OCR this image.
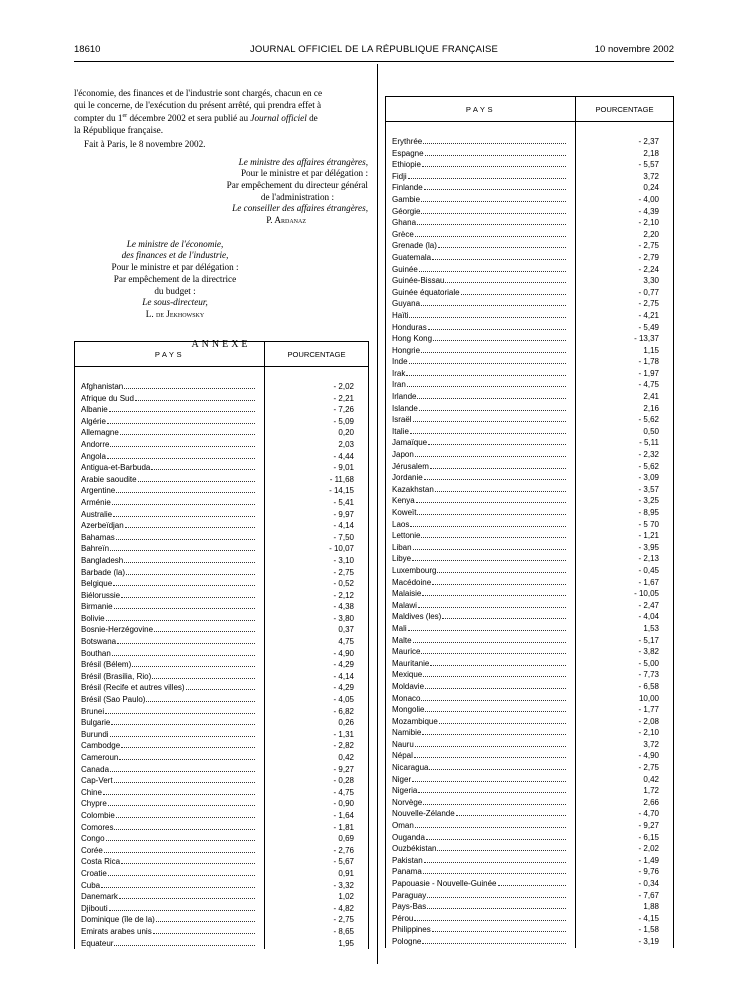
18610	JOURNAL OFFICIEL DE LA RÉPUBLIQUE FRANÇAISE	10 novembre 2002
l'économie, des finances et de l'industrie sont chargés, chacun en ce
qui le concerne, de l'exécution du présent arrêté, qui prendra effet à
compter du 1er décembre 2002 et sera publié au Journal officiel de
la République française.
Fait à Paris, le 8 novembre 2002.
Le ministre des affaires étrangères,
Pour le ministre et par délégation :
Par empêchement du directeur général
de l'administration :
Le conseiller des affaires étrangères,
P. Ardanaz
Le ministre de l'économie,
des finances et de l'industrie,
Pour le ministre et par délégation :
Par empêchement de la directrice
du budget :
Le sous-directeur,
L. de Jekhowsky
ANNEXE
PAYS	POURCENTAGE

Afghanistan	- 2,02

Afrique du Sud	- 2,21

Albanie	- 7,26

Algérie	- 5,09

Allemagne	0,20

Andorre	2,03

Angola	- 4,44

Antigua-et-Barbuda	- 9,01

Arabie saoudite	- 11,68

Argentine	- 14,15

Arménie	- 5,41

Australie	- 9,97

Azerbeïdjan	- 4,14

Bahamas	- 7,50

Bahreïn	- 10,07

Bangladesh	- 3,10

Barbade (la)	- 2,75

Belgique	- 0,52

Biélorussie	- 2,12

Birmanie	- 4,38

Bolivie	- 3,80

Bosnie-Herzégovine	0,37

Botswana	4,75

Bouthan	- 4,90

Brésil (Bélem)	- 4,29

Brésil (Brasilia, Rio)	- 4,14

Brésil (Recife et autres villes)	- 4,29

Brésil (Sao Paulo)	- 4,05

Brunei	- 6,82

Bulgarie	0,26

Burundi	- 1,31

Cambodge	- 2,82

Cameroun	0,42

Canada	- 9,27

Cap-Vert	- 0,28

Chine	- 4,75

Chypre	- 0,90

Colombie	- 1,64

Comores	- 1,81

Congo	0,69

Corée	- 2,76

Costa Rica	- 5,67

Croatie	0,91

Cuba	- 3,32

Danemark	1,02

Djibouti	- 4,82

Dominique (île de la)	- 2,75

Emirats arabes unis	- 8,65

Equateur	1,95
PAYS	POURCENTAGE

Erythrée	- 2,37

Espagne	2,18

Ethiopie	- 5,57

Fidji	3,72

Finlande	0,24

Gambie	- 4,00

Géorgie	- 4,39

Ghana	- 2,10

Grèce	2,20

Grenade (la)	- 2,75

Guatemala	- 2,79

Guinée	- 2,24

Guinée-Bissau	3,30

Guinée équatoriale	- 0,77

Guyana	- 2,75

Haïti	- 4,21

Honduras	- 5,49

Hong Kong	- 13,37

Hongrie	1,15

Inde	- 1,78

Irak	- 1,97

Iran	- 4,75

Irlande	2,41

Islande	2,16

Israël	- 5,62

Italie	0,50

Jamaïque	- 5,11

Japon	- 2,32

Jérusalem	- 5,62

Jordanie	- 3,09

Kazakhstan	- 3,57

Kenya	- 3,25

Koweït	- 8,95

Laos	- 5 70

Lettonie	- 1,21

Liban	- 3,95

Libye	- 2,13

Luxembourg	- 0,45

Macédoine	- 1,67

Malaisie	- 10,05

Malawi	- 2,47

Maldives (les)	- 4,04

Mali	1,53

Malte	- 5,17

Maurice	- 3,82

Mauritanie	- 5,00

Mexique	- 7,73

Moldavie	- 6,58

Monaco	10,00

Mongolie	- 1,77

Mozambique	- 2,08

Namibie	- 2,10

Nauru	3,72

Népal	- 4,90

Nicaragua	- 2,75

Niger	0,42

Nigeria	1,72

Norvège	2,66

Nouvelle-Zélande	- 4,70

Oman	- 9,27

Ouganda	- 6,15

Ouzbékistan	- 2,02

Pakistan	- 1,49

Panama	- 9,76

Papouasie - Nouvelle-Guinée	- 0,34

Paraguay	- 7,67

Pays-Bas	1,88

Pérou	- 4,15

Philippines	- 1,58

Pologne	- 3,19
